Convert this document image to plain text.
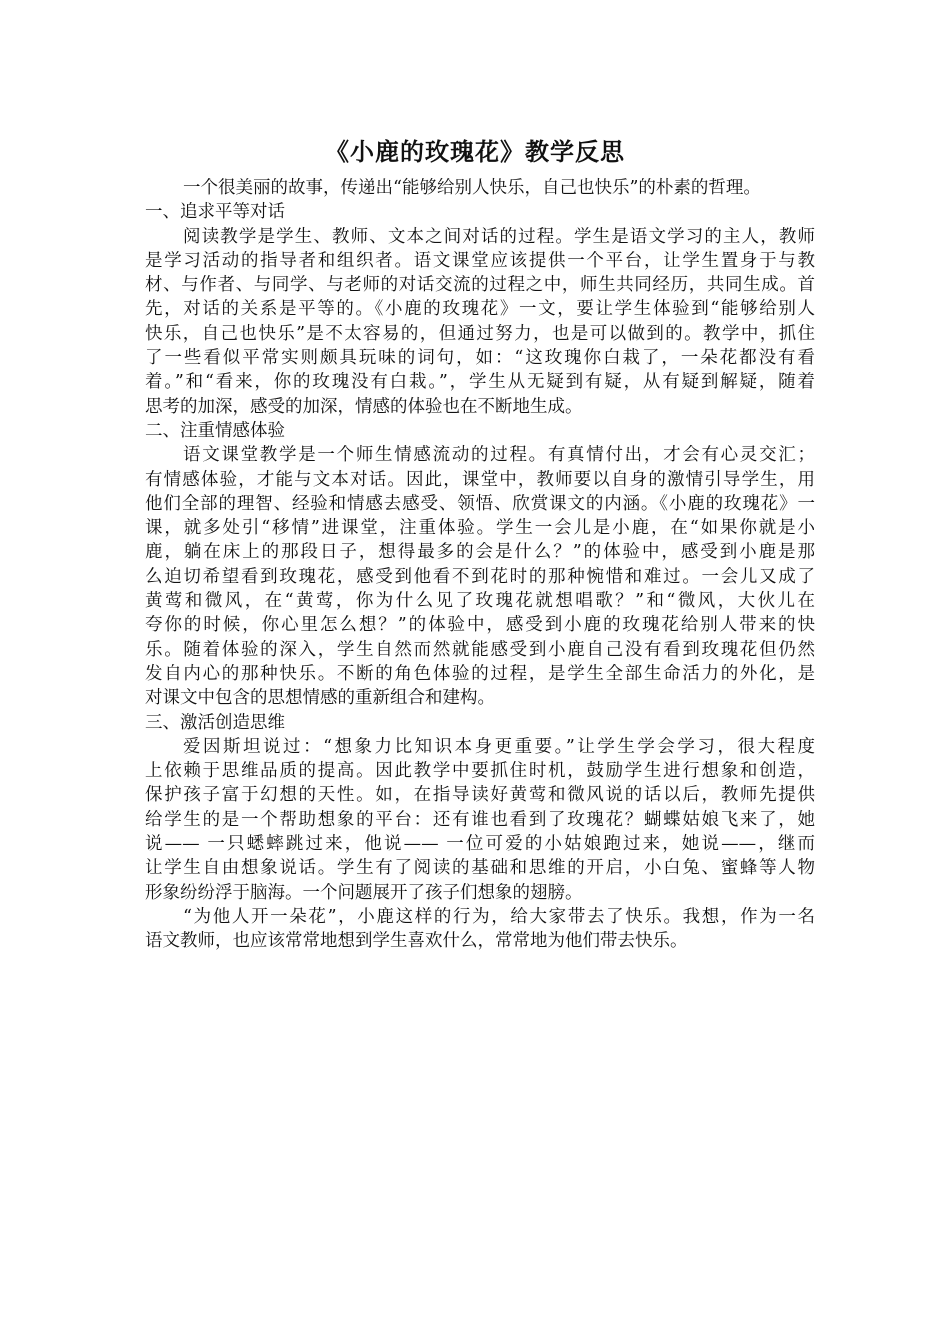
《小鹿的玫瑰花》教学反思
一个很美丽的故事，传递出“能够给别人快乐，自己也快乐”的朴素的哲理。
一、追求平等对话
阅读教学是学生、教师、文本之间对话的过程。学生是语文学习的主人，教师
是学习活动的指导者和组织者。语文课堂应该提供一个平台，让学生置身于与教
材、与作者、与同学、与老师的对话交流的过程之中，师生共同经历，共同生成。首
先，对话的关系是平等的。《小鹿的玫瑰花》一文，要让学生体验到“能够给别人
快乐，自己也快乐”是不太容易的，但通过努力，也是可以做到的。教学中，抓住
了一些看似平常实则颇具玩味的词句，如：“这玫瑰你白栽了，一朵花都没有看
着。”和“看来，你的玫瑰没有白栽。”，学生从无疑到有疑，从有疑到解疑，随着
思考的加深，感受的加深，情感的体验也在不断地生成。
二、注重情感体验
语文课堂教学是一个师生情感流动的过程。有真情付出，才会有心灵交汇；
有情感体验，才能与文本对话。因此，课堂中，教师要以自身的激情引导学生，用
他们全部的理智、经验和情感去感受、领悟、欣赏课文的内涵。《小鹿的玫瑰花》一
课，就多处引“移情”进课堂，注重体验。学生一会儿是小鹿，在“如果你就是小
鹿，躺在床上的那段日子，想得最多的会是什么？”的体验中，感受到小鹿是那
么迫切希望看到玫瑰花，感受到他看不到花时的那种惋惜和难过。一会儿又成了
黄莺和微风，在“黄莺，你为什么见了玫瑰花就想唱歌？”和“微风，大伙儿在
夸你的时候，你心里怎么想？”的体验中，感受到小鹿的玫瑰花给别人带来的快
乐。随着体验的深入，学生自然而然就能感受到小鹿自己没有看到玫瑰花但仍然
发自内心的那种快乐。不断的角色体验的过程，是学生全部生命活力的外化，是
对课文中包含的思想情感的重新组合和建构。
三、激活创造思维
爱因斯坦说过：“想象力比知识本身更重要。”让学生学会学习，很大程度
上依赖于思维品质的提高。因此教学中要抓住时机，鼓励学生进行想象和创造，
保护孩子富于幻想的天性。如，在指导读好黄莺和微风说的话以后，教师先提供
给学生的是一个帮助想象的平台：还有谁也看到了玫瑰花？蝴蝶姑娘飞来了，她
说—— 一只蟋蟀跳过来，他说—— 一位可爱的小姑娘跑过来，她说——，继而
让学生自由想象说话。学生有了阅读的基础和思维的开启，小白兔、蜜蜂等人物
形象纷纷浮于脑海。一个问题展开了孩子们想象的翅膀。
“为他人开一朵花”，小鹿这样的行为，给大家带去了快乐。我想，作为一名
语文教师，也应该常常地想到学生喜欢什么，常常地为他们带去快乐。
